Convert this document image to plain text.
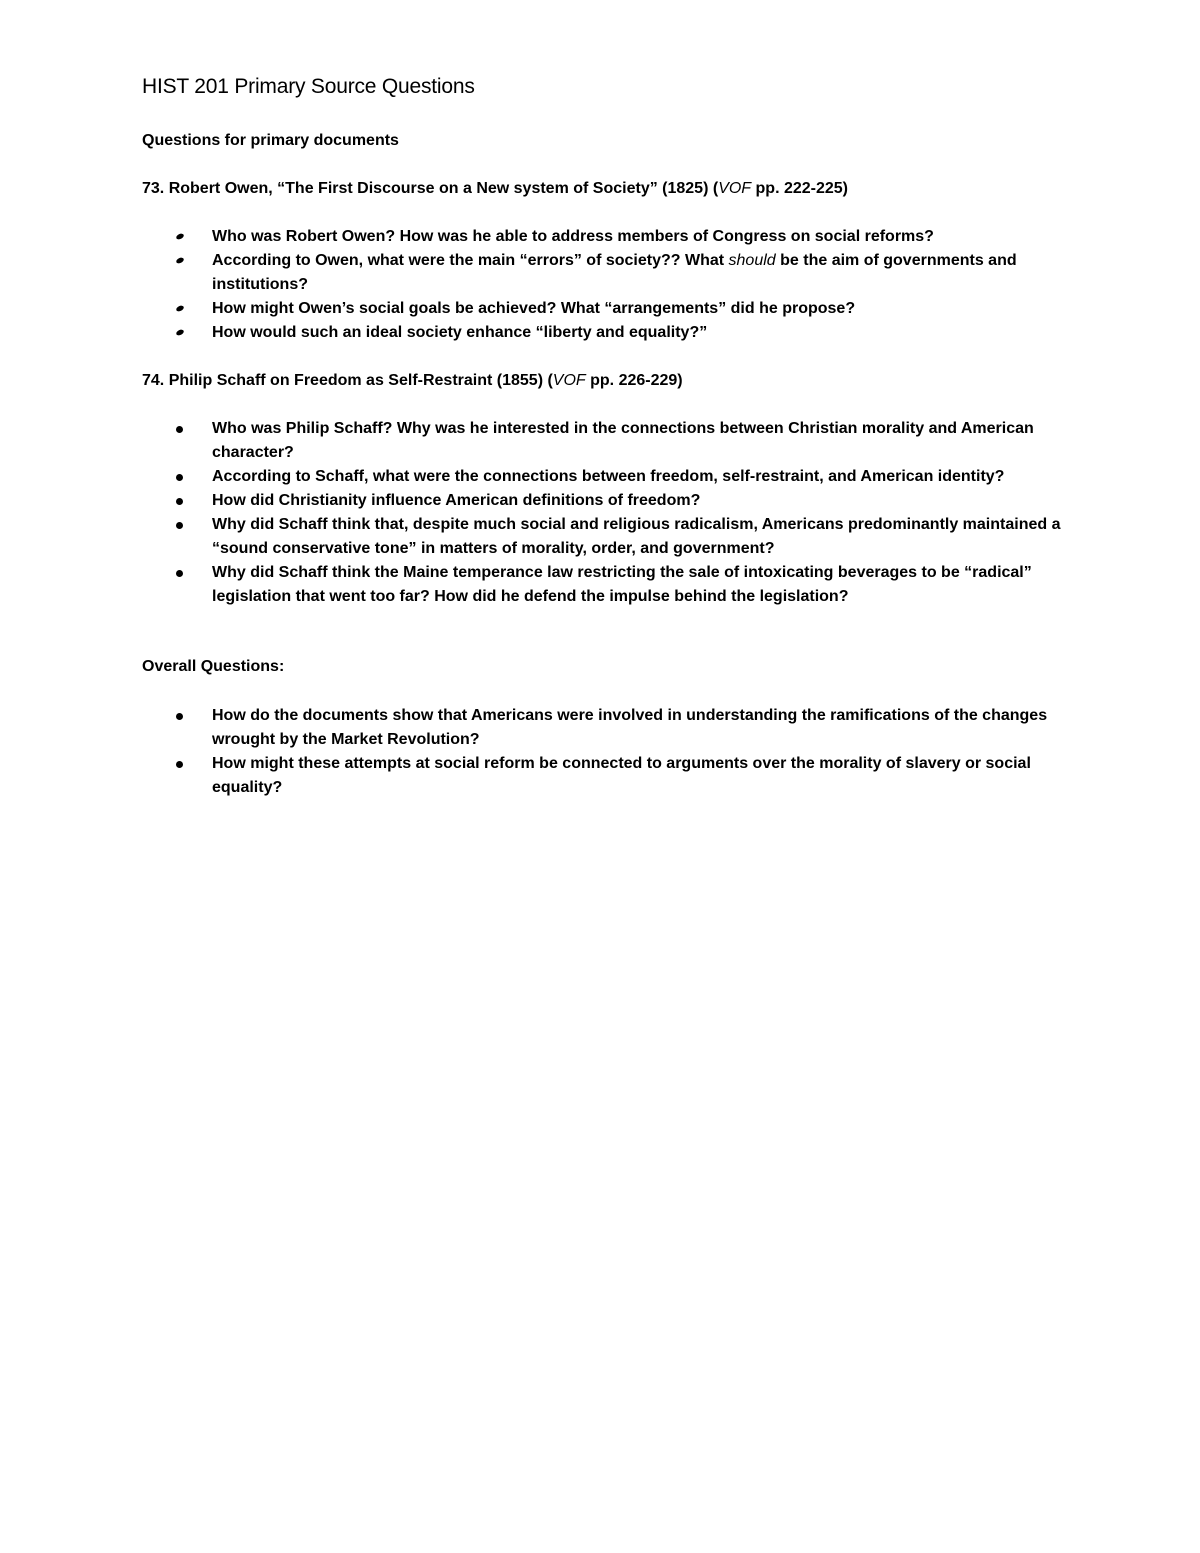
HIST 201 Primary Source Questions

Questions for primary documents

73. Robert Owen, “The First Discourse on a New system of Society” (1825) (VOF pp. 222-225)

Who was Robert Owen? How was he able to address members of Congress on social reforms?
According to Owen, what were the main “errors” of society?? What should be the aim of governments and institutions?
How might Owen’s social goals be achieved? What “arrangements” did he propose?
How would such an ideal society enhance “liberty and equality?”

74. Philip Schaff on Freedom as Self-Restraint (1855) (VOF pp. 226-229)

Who was Philip Schaff? Why was he interested in the connections between Christian morality and American character?
According to Schaff, what were the connections between freedom, self-restraint, and American identity?
How did Christianity influence American definitions of freedom?
Why did Schaff think that, despite much social and religious radicalism, Americans predominantly maintained a “sound conservative tone” in matters of morality, order, and government?
Why did Schaff think the Maine temperance law restricting the sale of intoxicating beverages to be “radical” legislation that went too far? How did he defend the impulse behind the legislation?

Overall Questions:

How do the documents show that Americans were involved in understanding the ramifications of the changes wrought by the Market Revolution?
How might these attempts at social reform be connected to arguments over the morality of slavery or social equality?
